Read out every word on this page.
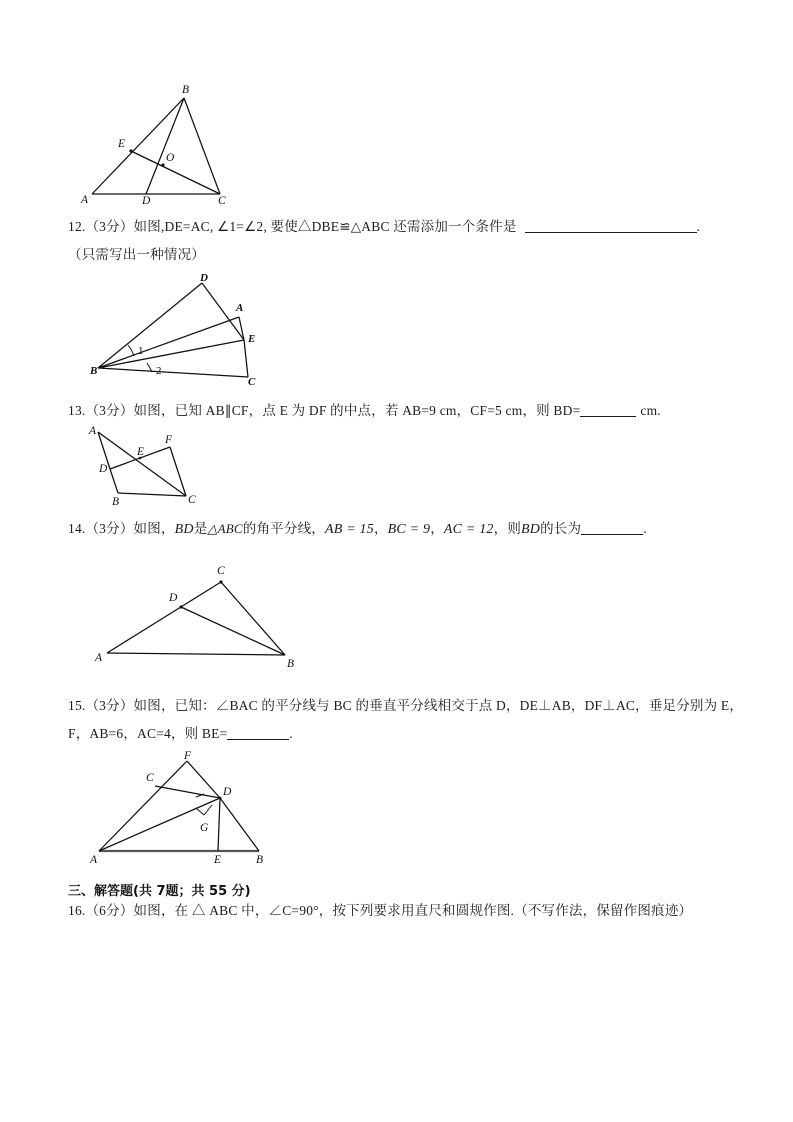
A
B
C
D
E
O
12.（3分）如图,DE=AC, ∠1=∠2, 要使△DBE≌△ABC 还需添加一个条件是	.
（只需写出一种情况）
B
D
A
E
C
1
2
13.（3分）如图，已知 AB∥CF，点 E 为 DF 的中点，若 AB=9 cm，CF=5 cm，则 BD=	cm.
A
D
B	C
E
F
14.（3分）如图，BD是△ABC的角平分线，AB = 15，BC = 9，AC = 12，则BD的长为	.
A	B
C
D
15.（3分）如图，已知：∠BAC 的平分线与 BC 的垂直平分线相交于点 D，DE⊥AB，DF⊥AC，垂足分别为 E，
F，AB=6，AC=4，则 BE=	.
A	B
C
D
E
F
G
三、解答题(共 7题；共 55 分)
16.（6分）如图，在 △ ABC 中，∠C=90°，按下列要求用直尺和圆规作图.（不写作法，保留作图痕迹）
